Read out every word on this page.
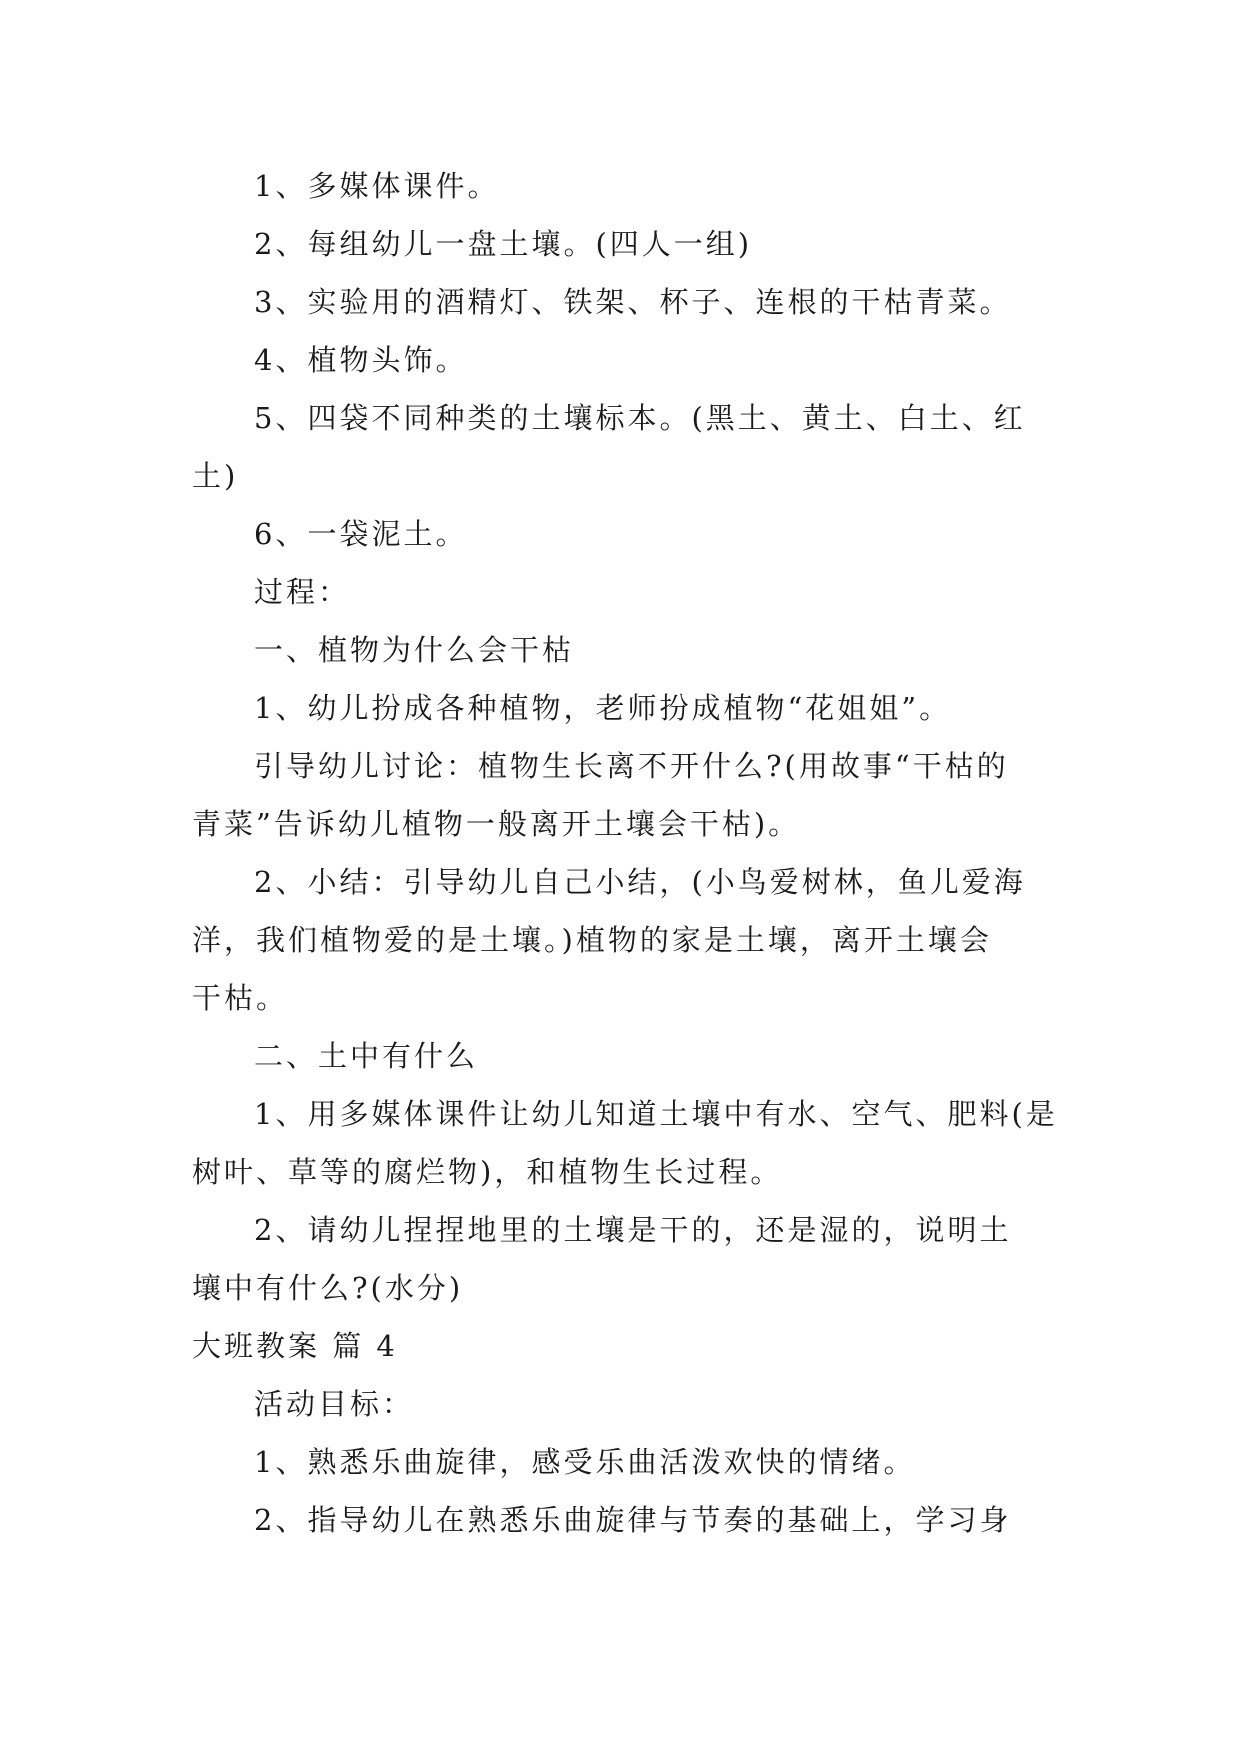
1、多媒体课件。
2、每组幼儿一盘土壤。(四人一组)
3、实验用的酒精灯、铁架、杯子、连根的干枯青菜。
4、植物头饰。
5、四袋不同种类的土壤标本。(黑土、黄土、白土、红
土)
6、一袋泥土。
过程：
一、植物为什么会干枯
1、幼儿扮成各种植物，老师扮成植物“花姐姐”。
引导幼儿讨论：植物生长离不开什么?(用故事“干枯的
青菜”告诉幼儿植物一般离开土壤会干枯)。
2、小结：引导幼儿自己小结，(小鸟爱树林，鱼儿爱海
洋，我们植物爱的是土壤。)植物的家是土壤，离开土壤会
干枯。
二、土中有什么
1、用多媒体课件让幼儿知道土壤中有水、空气、肥料(是
树叶、草等的腐烂物)，和植物生长过程。
2、请幼儿捏捏地里的土壤是干的，还是湿的，说明土
壤中有什么?(水分)
大班教案 篇 4
活动目标：
1、熟悉乐曲旋律，感受乐曲活泼欢快的情绪。
2、指导幼儿在熟悉乐曲旋律与节奏的基础上，学习身
